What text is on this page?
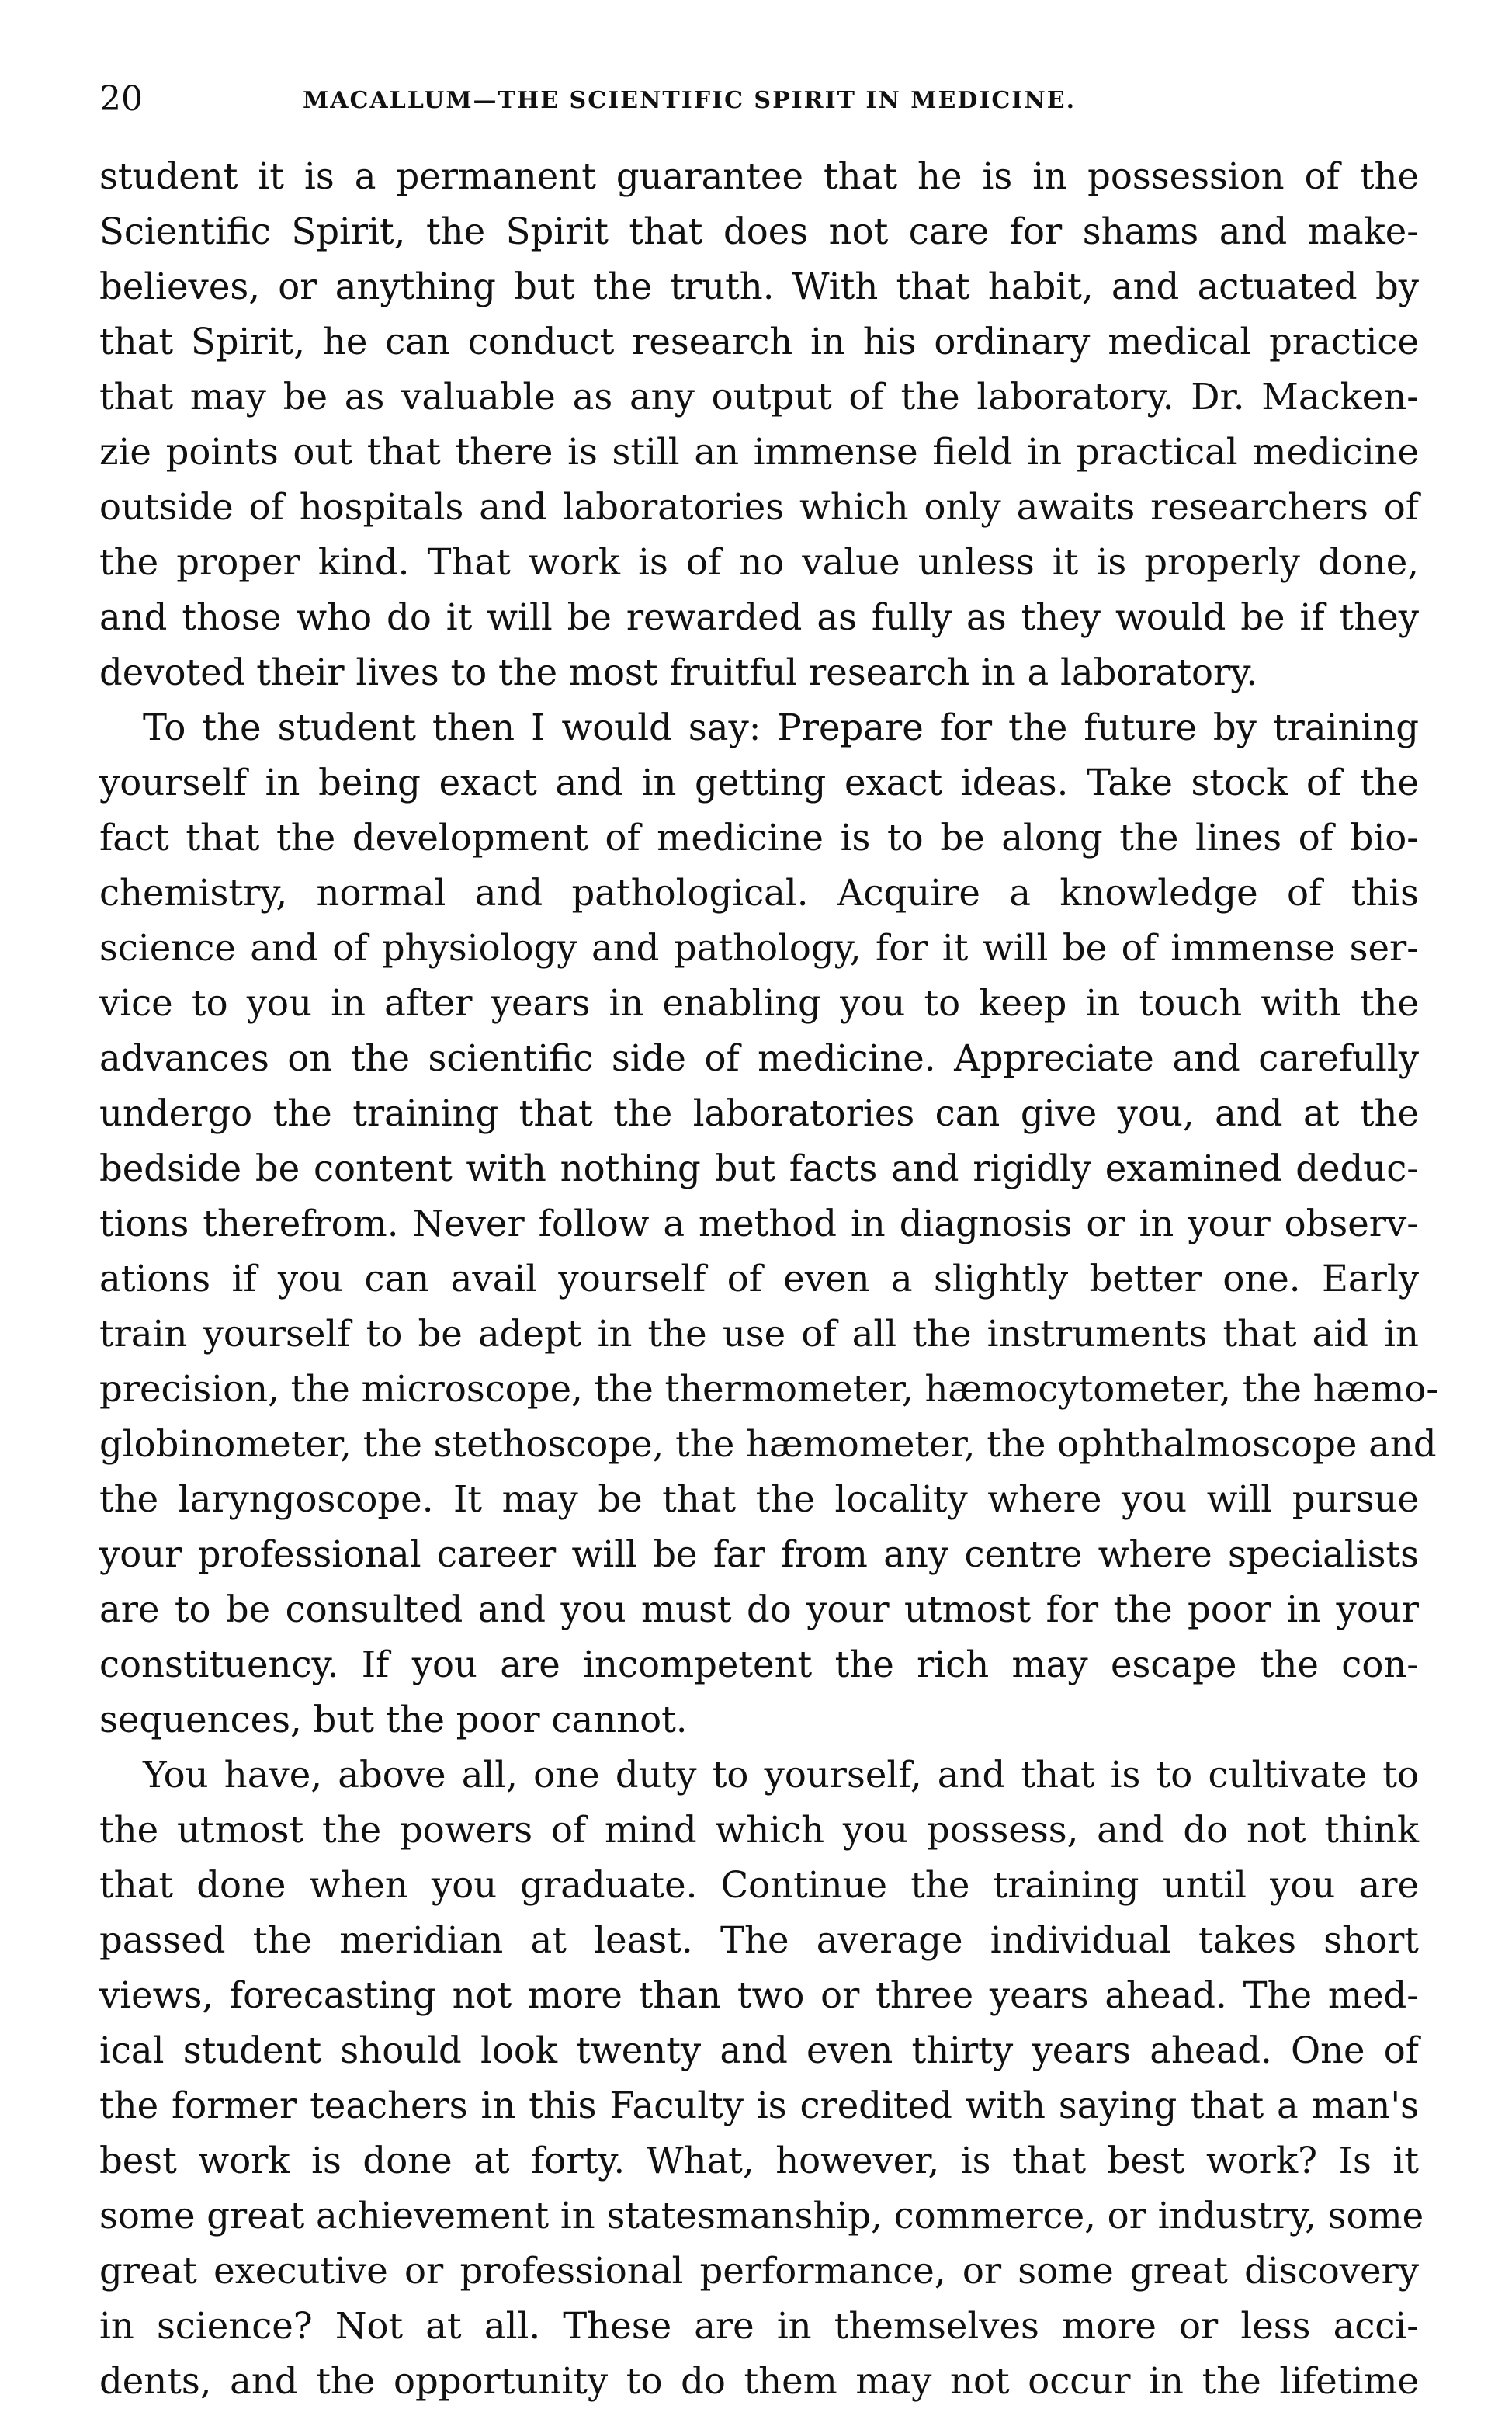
20	MACALLUM—THE SCIENTIFIC SPIRIT IN MEDICINE.
student it is a permanent guarantee that he is in possession of the
Scientific Spirit, the Spirit that does not care for shams and make-
believes, or anything but the truth. With that habit, and actuated by
that Spirit, he can conduct research in his ordinary medical practice
that may be as valuable as any output of the laboratory. Dr. Macken-
zie points out that there is still an immense field in practical medicine
outside of hospitals and laboratories which only awaits researchers of
the proper kind. That work is of no value unless it is properly done,
and those who do it will be rewarded as fully as they would be if they
devoted their lives to the most fruitful research in a laboratory.
To the student then I would say: Prepare for the future by training
yourself in being exact and in getting exact ideas. Take stock of the
fact that the development of medicine is to be along the lines of bio-
chemistry, normal and pathological. Acquire a knowledge of this
science and of physiology and pathology, for it will be of immense ser-
vice to you in after years in enabling you to keep in touch with the
advances on the scientific side of medicine. Appreciate and carefully
undergo the training that the laboratories can give you, and at the
bedside be content with nothing but facts and rigidly examined deduc-
tions therefrom. Never follow a method in diagnosis or in your observ-
ations if you can avail yourself of even a slightly better one. Early
train yourself to be adept in the use of all the instruments that aid in
precision, the microscope, the thermometer, hæmocytometer, the hæmo-
globinometer, the stethoscope, the hæmometer, the ophthalmoscope and
the laryngoscope. It may be that the locality where you will pursue
your professional career will be far from any centre where specialists
are to be consulted and you must do your utmost for the poor in your
constituency. If you are incompetent the rich may escape the con-
sequences, but the poor cannot.
You have, above all, one duty to yourself, and that is to cultivate to
the utmost the powers of mind which you possess, and do not think
that done when you graduate. Continue the training until you are
passed the meridian at least. The average individual takes short
views, forecasting not more than two or three years ahead. The med-
ical student should look twenty and even thirty years ahead. One of
the former teachers in this Faculty is credited with saying that a man's
best work is done at forty. What, however, is that best work? Is it
some great achievement in statesmanship, commerce, or industry, some
great executive or professional performance, or some great discovery
in science? Not at all. These are in themselves more or less acci-
dents, and the opportunity to do them may not occur in the lifetime
